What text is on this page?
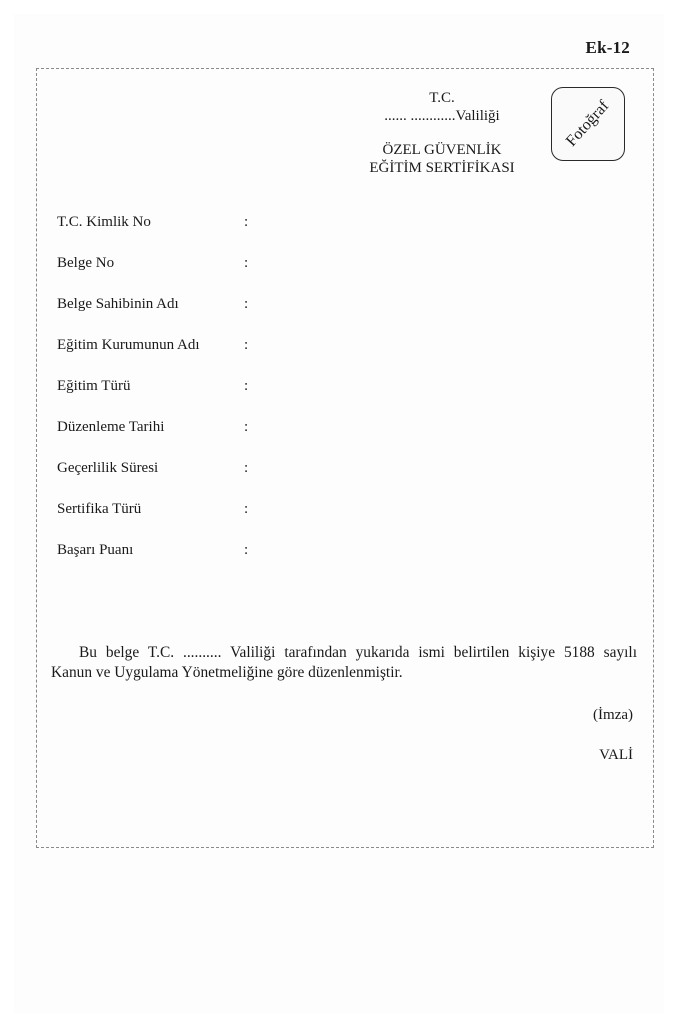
Ek-12
T.C.
...... ............Valiliği
ÖZEL GÜVENLİK
EĞİTİM SERTİFİKASI
Fotoğraf
T.C. Kimlik No	:
Belge No	:
Belge Sahibinin Adı	:
Eğitim Kurumunun Adı	:
Eğitim Türü	:
Düzenleme Tarihi	:
Geçerlilik Süresi	:
Sertifika Türü	:
Başarı Puanı	:
Bu belge T.C. .......... Valiliği tarafından yukarıda ismi belirtilen kişiye 5188 sayılı
Kanun ve Uygulama Yönetmeliğine göre düzenlenmiştir.
(İmza)
VALİ
